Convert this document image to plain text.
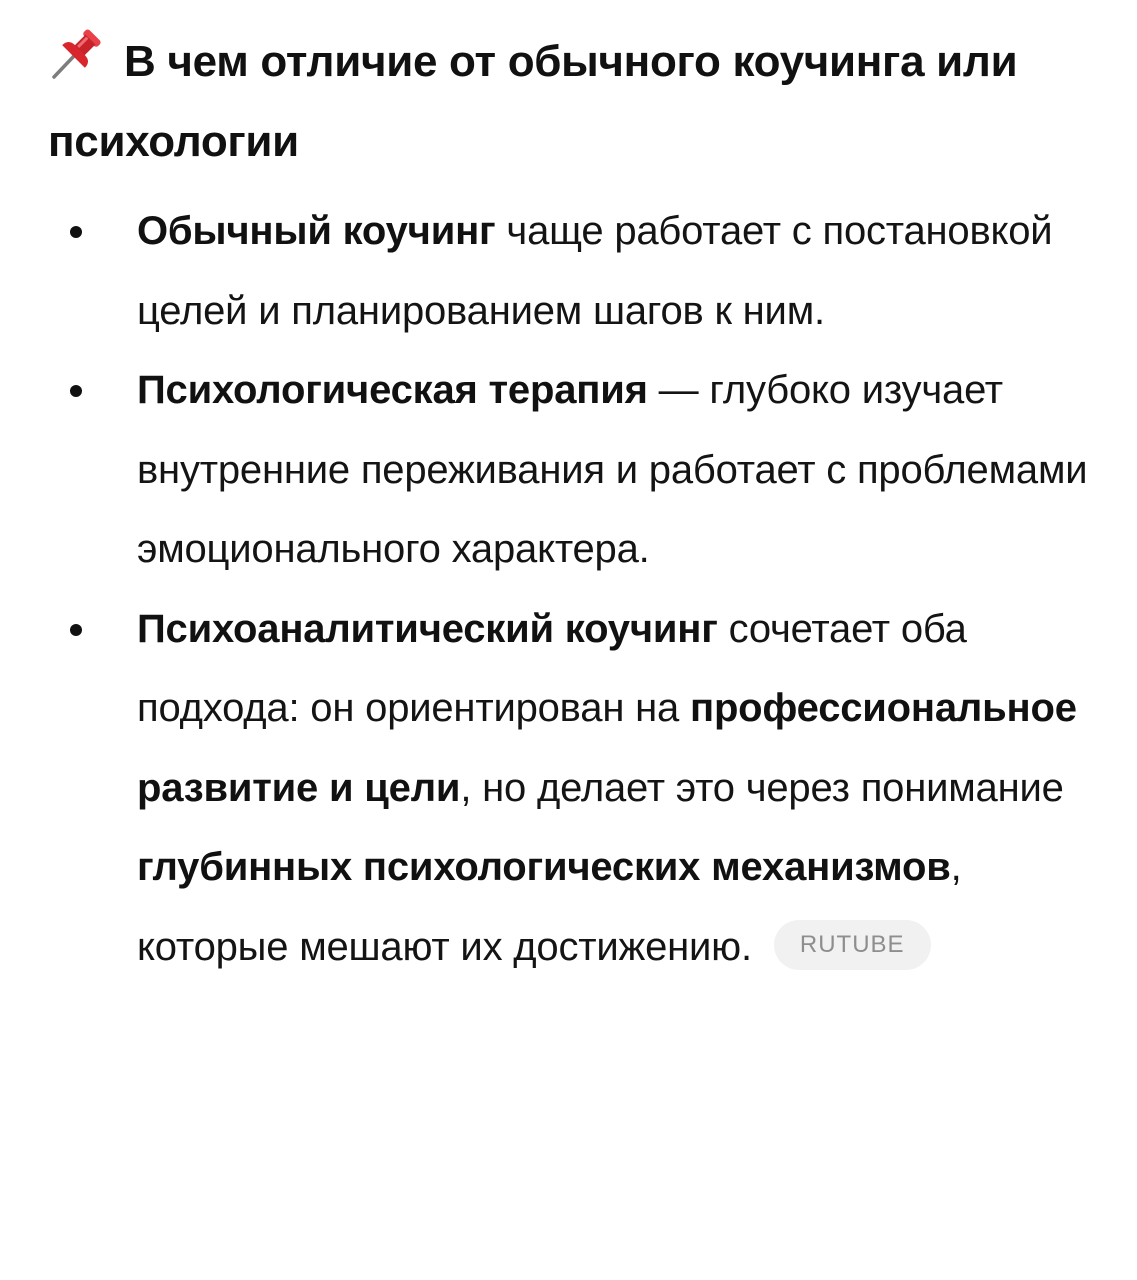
В чем отличие от обычного коучинга или психологии
Обычный коучинг чаще работает с постановкой целей и планированием шагов к ним.
Психологическая терапия — глубоко изучает внутренние переживания и работает с проблемами эмоционального характера.
Психоаналитический коучинг сочетает оба подхода: он ориентирован на профессиональное развитие и цели, но делает это через понимание глубинных психологических механизмов, которые мешают их достижению. RUTUBE
